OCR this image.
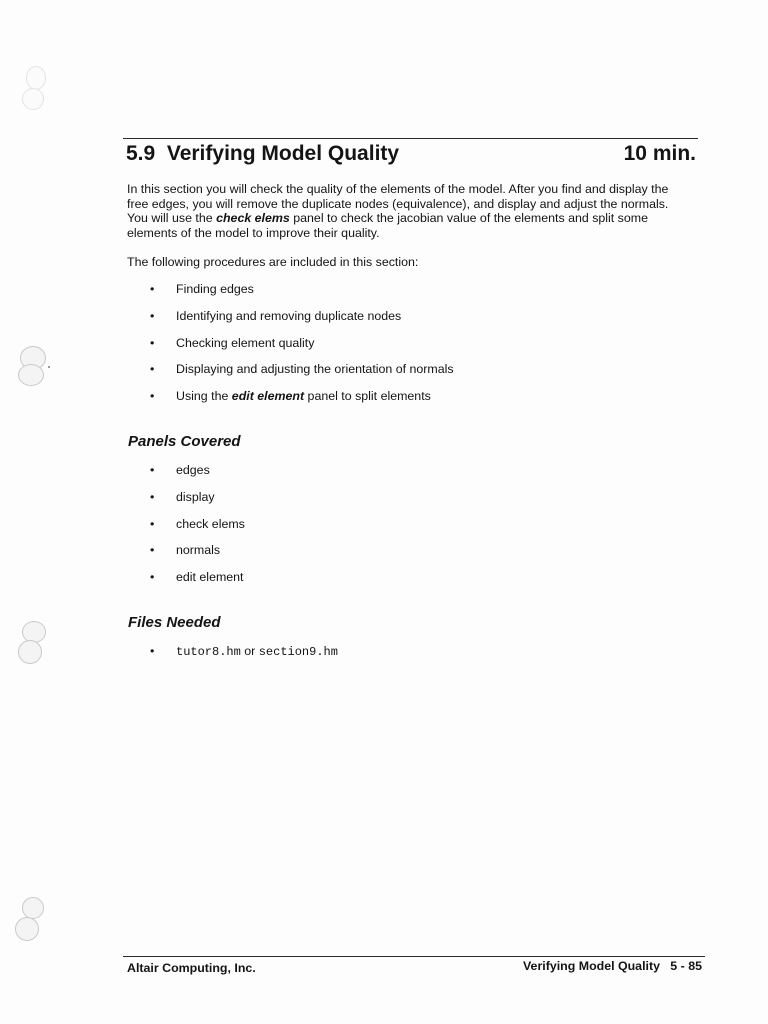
5.9  Verifying Model Quality	10 min.
In this section you will check the quality of the elements of the model. After you find and display the free edges, you will remove the duplicate nodes (equivalence), and display and adjust the normals. You will use the check elems panel to check the jacobian value of the elements and split some elements of the model to improve their quality.
The following procedures are included in this section:
• Finding edges
• Identifying and removing duplicate nodes
• Checking element quality
• Displaying and adjusting the orientation of normals
• Using the edit element panel to split elements
Panels Covered
• edges
• display
• check elems
• normals
• edit element
Files Needed
• tutor8.hm or section9.hm
Altair Computing, Inc.	Verifying Model Quality   5 - 85
